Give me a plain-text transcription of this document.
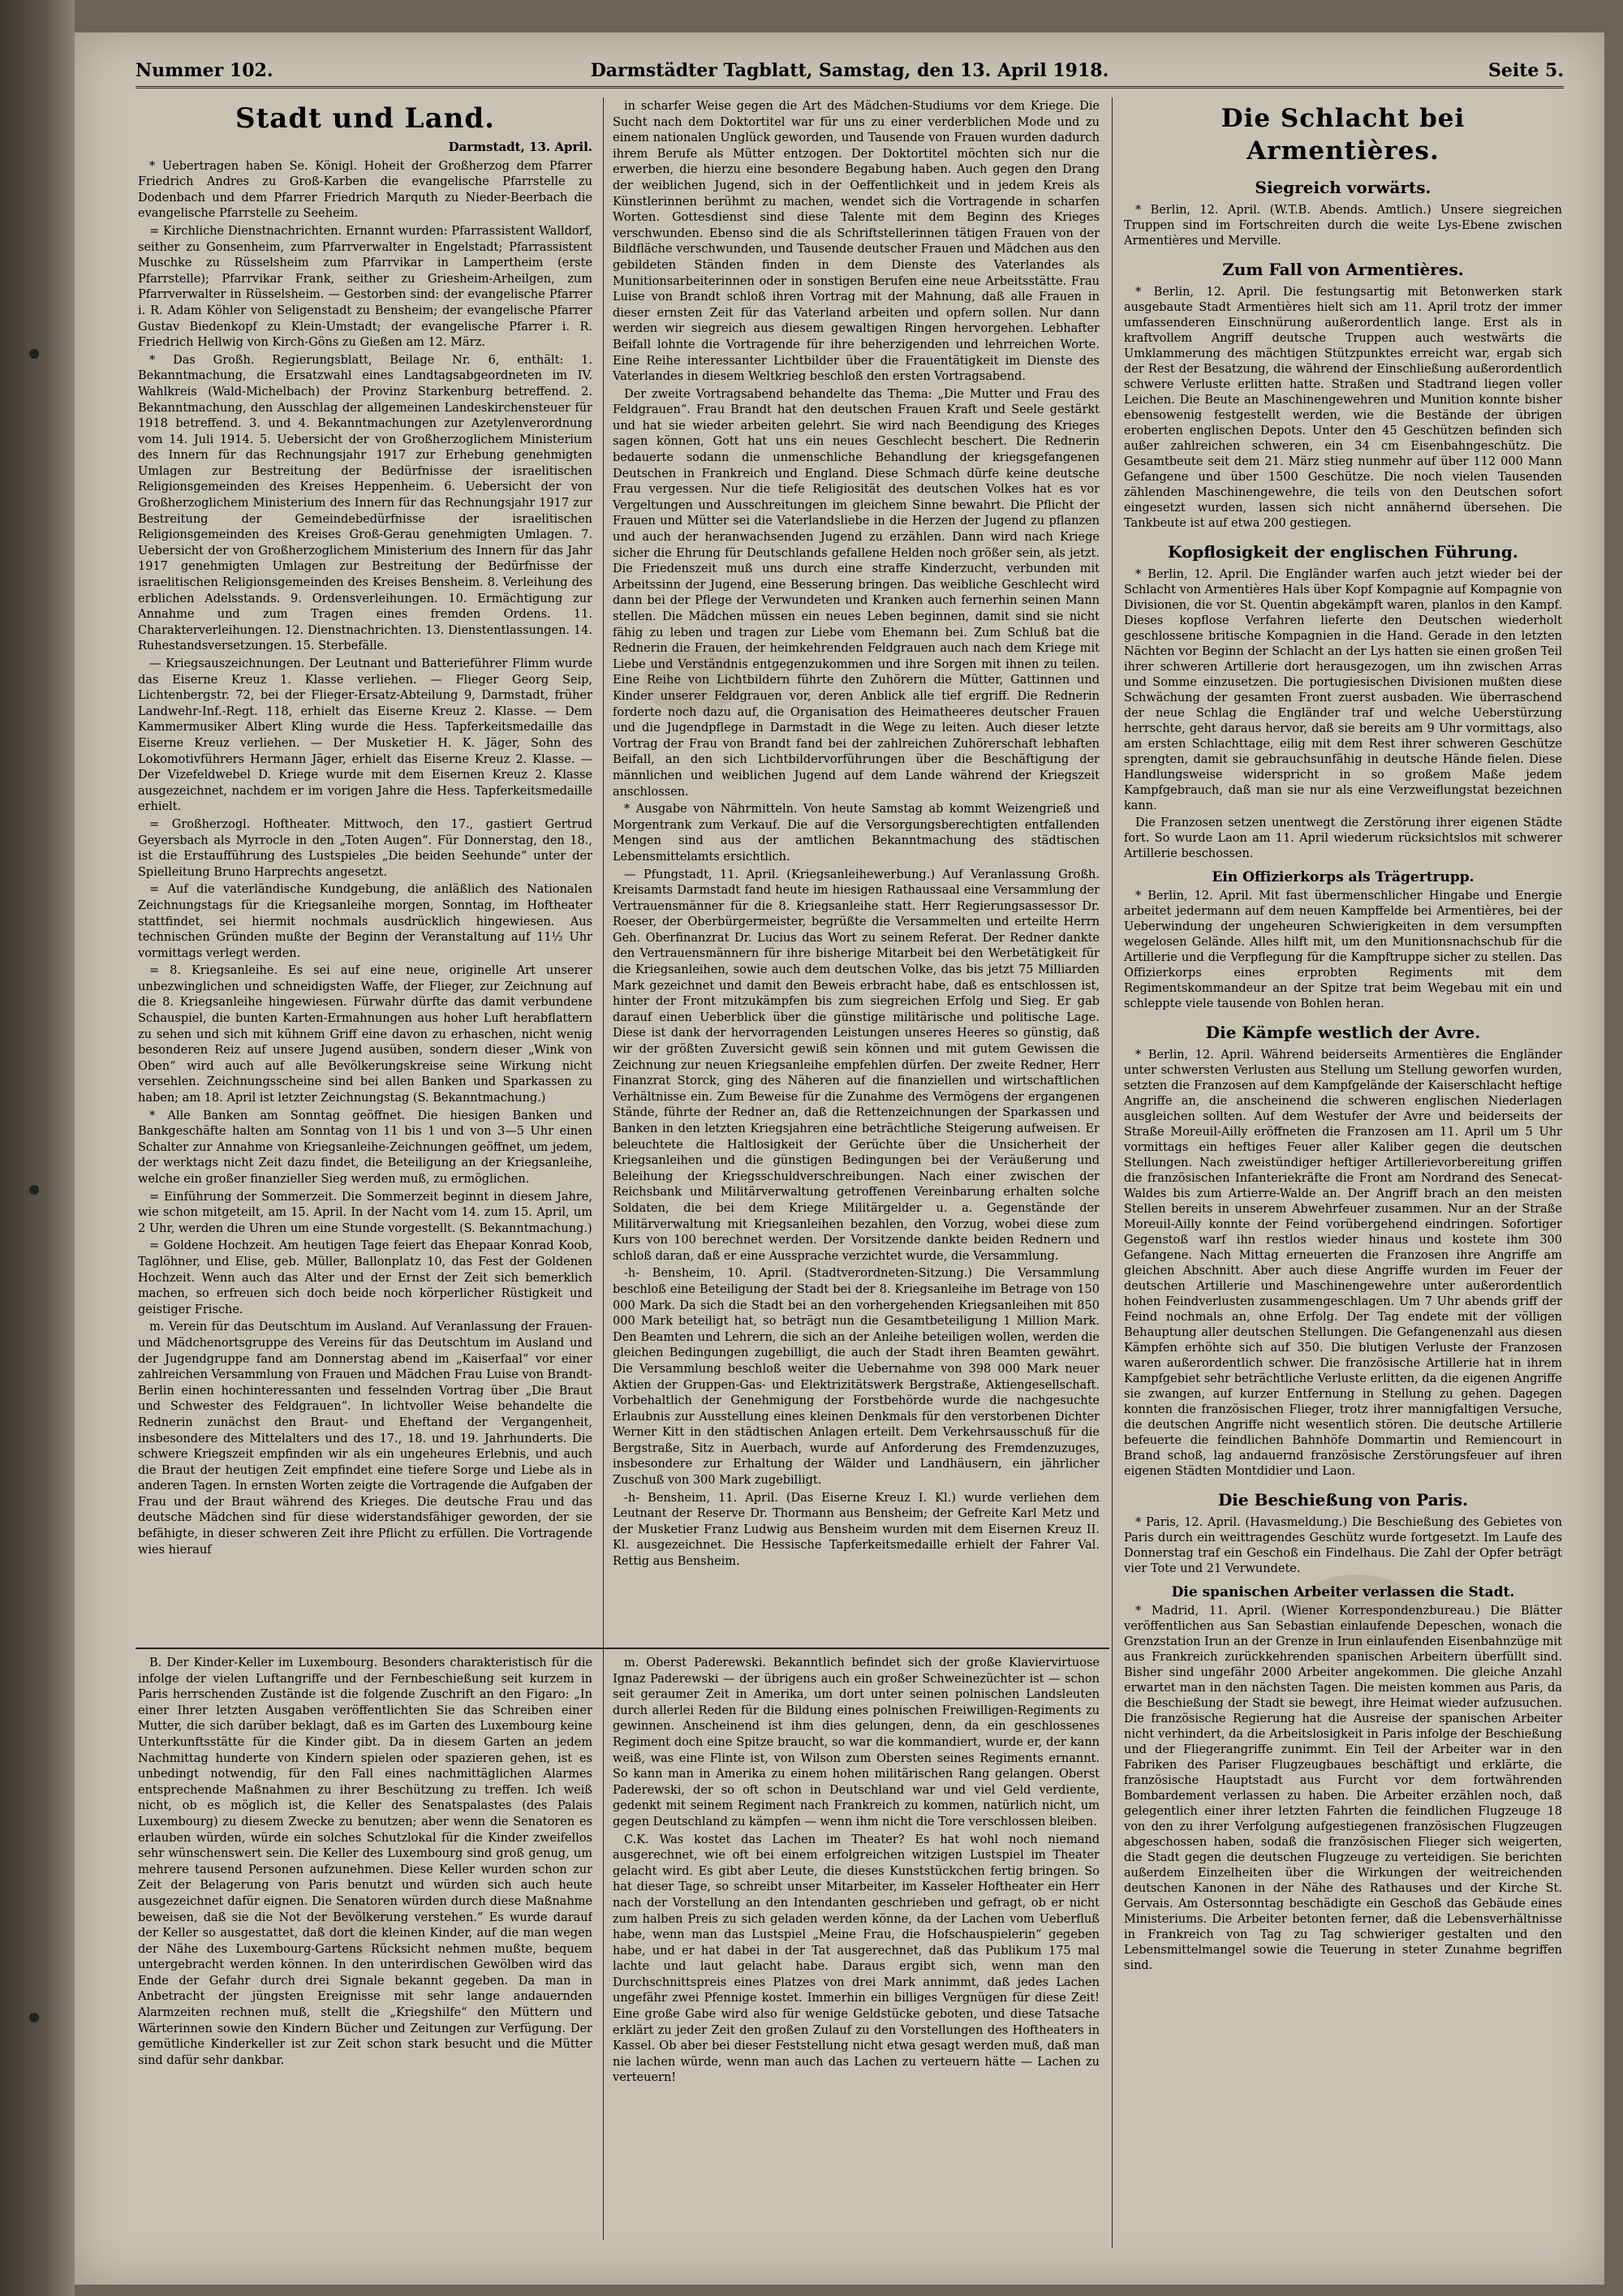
Nummer 102.	Darmstädter Tagblatt, Samstag, den 13. April 1918.	Seite 5.
Stadt und Land.
Darmstadt, 13. April.

* Uebertragen haben Se. Königl. Hoheit der Großherzog dem Pfarrer Friedrich Andres zu Groß-Karben die evangelische Pfarrstelle zu Dodenbach und dem Pfarrer Friedrich Marquth zu Nieder-Beerbach die evangelische Pfarrstelle zu Seeheim.

= Kirchliche Dienstnachrichten. Ernannt wurden: Pfarrassistent Walldorf, seither zu Gonsenheim, zum Pfarrverwalter in Engelstadt; Pfarrassistent Muschke zu Rüsselsheim zum Pfarrvikar in Lampertheim (erste Pfarrstelle); Pfarrvikar Frank, seither zu Griesheim-Arheilgen, zum Pfarrverwalter in Rüsselsheim. — Gestorben sind: der evangelische Pfarrer i. R. Adam Köhler von Seligenstadt zu Bensheim; der evangelische Pfarrer Gustav Biedenkopf zu Klein-Umstadt; der evangelische Pfarrer i. R. Friedrich Hellwig von Kirch-Göns zu Gießen am 12. März.

* Das Großh. Regierungsblatt, Beilage Nr. 6, enthält: 1. Bekanntmachung, die Ersatzwahl eines Landtagsabgeordneten im IV. Wahlkreis (Wald-Michelbach) der Provinz Starkenburg betreffend. 2. Bekanntmachung, den Ausschlag der allgemeinen Landeskirchensteuer für 1918 betreffend. 3. und 4. Bekanntmachungen zur Azetylenverordnung vom 14. Juli 1914. 5. Uebersicht der von Großherzoglichem Ministerium des Innern für das Rechnungsjahr 1917 zur Erhebung genehmigten Umlagen zur Bestreitung der Bedürfnisse der israelitischen Religionsgemeinden des Kreises Heppenheim. 6. Uebersicht der von Großherzoglichem Ministerium des Innern für das Rechnungsjahr 1917 zur Bestreitung der Gemeindebedürfnisse der israelitischen Religionsgemeinden des Kreises Groß-Gerau genehmigten Umlagen. 7. Uebersicht der von Großherzoglichem Ministerium des Innern für das Jahr 1917 genehmigten Umlagen zur Bestreitung der Bedürfnisse der israelitischen Religionsgemeinden des Kreises Bensheim. 8. Verleihung des erblichen Adelsstands. 9. Ordensverleihungen. 10. Ermächtigung zur Annahme und zum Tragen eines fremden Ordens. 11. Charakterverleihungen. 12. Dienstnachrichten. 13. Dienstentlassungen. 14. Ruhestandsversetzungen. 15. Sterbefälle.

— Kriegsauszeichnungen. Der Leutnant und Batterieführer Flimm wurde das Eiserne Kreuz 1. Klasse verliehen. — Flieger Georg Seip, Lichtenbergstr. 72, bei der Flieger-Ersatz-Abteilung 9, Darmstadt, früher Landwehr-Inf.-Regt. 118, erhielt das Eiserne Kreuz 2. Klasse. — Dem Kammermusiker Albert Kling wurde die Hess. Tapferkeitsmedaille das Eiserne Kreuz verliehen. — Der Musketier H. K. Jäger, Sohn des Lokomotivführers Hermann Jäger, erhielt das Eiserne Kreuz 2. Klasse. — Der Vizefeldwebel D. Kriege wurde mit dem Eisernen Kreuz 2. Klasse ausgezeichnet, nachdem er im vorigen Jahre die Hess. Tapferkeitsmedaille erhielt.

= Großherzogl. Hoftheater. Mittwoch, den 17., gastiert Gertrud Geyersbach als Myrrocle in den „Toten Augen“. Für Donnerstag, den 18., ist die Erstaufführung des Lustspieles „Die beiden Seehunde“ unter der Spielleitung Bruno Harprechts angesetzt.

= Auf die vaterländische Kundgebung, die anläßlich des Nationalen Zeichnungstags für die Kriegsanleihe morgen, Sonntag, im Hoftheater stattfindet, sei hiermit nochmals ausdrücklich hingewiesen. Aus technischen Gründen mußte der Beginn der Veranstaltung auf 11½ Uhr vormittags verlegt werden.

= 8. Kriegsanleihe. Es sei auf eine neue, originelle Art unserer unbezwinglichen und schneidigsten Waffe, der Flieger, zur Zeichnung auf die 8. Kriegsanleihe hingewiesen. Fürwahr dürfte das damit verbundene Schauspiel, die bunten Karten-Ermahnungen aus hoher Luft herabflattern zu sehen und sich mit kühnem Griff eine davon zu erhaschen, nicht wenig besonderen Reiz auf unsere Jugend ausüben, sondern dieser „Wink von Oben“ wird auch auf alle Bevölkerungskreise seine Wirkung nicht versehlen. Zeichnungsscheine sind bei allen Banken und Sparkassen zu haben; am 18. April ist letzter Zeichnungstag (S. Bekanntmachung.)

* Alle Banken am Sonntag geöffnet. Die hiesigen Banken und Bankgeschäfte halten am Sonntag von 11 bis 1 und von 3—5 Uhr einen Schalter zur Annahme von Kriegsanleihe-Zeichnungen geöffnet, um jedem, der werktags nicht Zeit dazu findet, die Beteiligung an der Kriegsanleihe, welche ein großer finanzieller Sieg werden muß, zu ermöglichen.

= Einführung der Sommerzeit. Die Sommerzeit beginnt in diesem Jahre, wie schon mitgeteilt, am 15. April. In der Nacht vom 14. zum 15. April, um 2 Uhr, werden die Uhren um eine Stunde vorgestellt. (S. Bekanntmachung.)

= Goldene Hochzeit. Am heutigen Tage feiert das Ehepaar Konrad Koob, Taglöhner, und Elise, geb. Müller, Ballonplatz 10, das Fest der Goldenen Hochzeit. Wenn auch das Alter und der Ernst der Zeit sich bemerklich machen, so erfreuen sich doch beide noch körperlicher Rüstigkeit und geistiger Frische.

m. Verein für das Deutschtum im Ausland. Auf Veranlassung der Frauen- und Mädchenortsgruppe des Vereins für das Deutschtum im Ausland und der Jugendgruppe fand am Donnerstag abend im „Kaiserfaal“ vor einer zahlreichen Versammlung von Frauen und Mädchen Frau Luise von Brandt-Berlin einen hochinteressanten und fesselnden Vortrag über „Die Braut und Schwester des Feldgrauen“. In lichtvoller Weise behandelte die Rednerin zunächst den Braut- und Eheftand der Vergangenheit, insbesondere des Mittelalters und des 17., 18. und 19. Jahrhunderts. Die schwere Kriegszeit empfinden wir als ein ungeheures Erlebnis, und auch die Braut der heutigen Zeit empfindet eine tiefere Sorge und Liebe als in anderen Tagen. In ernsten Worten zeigte die Vortragende die Aufgaben der Frau und der Braut während des Krieges. Die deutsche Frau und das deutsche Mädchen sind für diese widerstandsfähiger geworden, der sie befähigte, in dieser schweren Zeit ihre Pflicht zu erfüllen. Die Vortragende wies hierauf

in scharfer Weise gegen die Art des Mädchen-Studiums vor dem Kriege. Die Sucht nach dem Doktortitel war für uns zu einer verderblichen Mode und zu einem nationalen Unglück geworden, und Tausende von Frauen wurden dadurch ihrem Berufe als Mütter entzogen. Der Doktortitel möchten sich nur die erwerben, die hierzu eine besondere Begabung haben. Auch gegen den Drang der weiblichen Jugend, sich in der Oeffentlichkeit und in jedem Kreis als Künstlerinnen berühmt zu machen, wendet sich die Vortragende in scharfen Worten. Gottesdienst sind diese Talente mit dem Beginn des Krieges verschwunden. Ebenso sind die als Schriftstellerinnen tätigen Frauen von der Bildfläche verschwunden, und Tausende deutscher Frauen und Mädchen aus den gebildeten Ständen finden in dem Dienste des Vaterlandes als Munitionsarbeiterinnen oder in sonstigen Berufen eine neue Arbeitsstätte. Frau Luise von Brandt schloß ihren Vortrag mit der Mahnung, daß alle Frauen in dieser ernsten Zeit für das Vaterland arbeiten und opfern sollen. Nur dann werden wir siegreich aus diesem gewaltigen Ringen hervorgehen. Lebhafter Beifall lohnte die Vortragende für ihre beherzigenden und lehrreichen Worte. Eine Reihe interessanter Lichtbilder über die Frauentätigkeit im Dienste des Vaterlandes in diesem Weltkrieg beschloß den ersten Vortragsabend.

Der zweite Vortragsabend behandelte das Thema: „Die Mutter und Frau des Feldgrauen“. Frau Brandt hat den deutschen Frauen Kraft und Seele gestärkt und hat sie wieder arbeiten gelehrt. Sie wird nach Beendigung des Krieges sagen können, Gott hat uns ein neues Geschlecht beschert. Die Rednerin bedauerte sodann die unmenschliche Behandlung der kriegsgefangenen Deutschen in Frankreich und England. Diese Schmach dürfe keine deutsche Frau vergessen. Nur die tiefe Religiosität des deutschen Volkes hat es vor Vergeltungen und Ausschreitungen im gleichem Sinne bewahrt. Die Pflicht der Frauen und Mütter sei die Vaterlandsliebe in die Herzen der Jugend zu pflanzen und auch der heranwachsenden Jugend zu erzählen. Dann wird nach Kriege sicher die Ehrung für Deutschlands gefallene Helden noch größer sein, als jetzt. Die Friedenszeit muß uns durch eine straffe Kinderzucht, verbunden mit Arbeitssinn der Jugend, eine Besserung bringen. Das weibliche Geschlecht wird dann bei der Pflege der Verwundeten und Kranken auch fernerhin seinen Mann stellen. Die Mädchen müssen ein neues Leben beginnen, damit sind sie nicht fähig zu leben und tragen zur Liebe vom Ehemann bei. Zum Schluß bat die Rednerin die Frauen, der heimkehrenden Feldgrauen auch nach dem Kriege mit Liebe und Verständnis entgegenzukommen und ihre Sorgen mit ihnen zu teilen. Eine Reihe von Lichtbildern führte den Zuhörern die Mütter, Gattinnen und Kinder unserer Feldgrauen vor, deren Anblick alle tief ergriff. Die Rednerin forderte noch dazu auf, die Organisation des Heimatheeres deutscher Frauen und die Jugendpflege in Darmstadt in die Wege zu leiten. Auch dieser letzte Vortrag der Frau von Brandt fand bei der zahlreichen Zuhörerschaft lebhaften Beifall, an den sich Lichtbildervorführungen über die Beschäftigung der männlichen und weiblichen Jugend auf dem Lande während der Kriegszeit anschlossen.

* Ausgabe von Nährmitteln. Von heute Samstag ab kommt Weizengrieß und Morgentrank zum Verkauf. Die auf die Versorgungsberechtigten entfallenden Mengen sind aus der amtlichen Bekanntmachung des städtischen Lebensmittelamts ersichtlich.

— Pfungstadt, 11. April. (Kriegsanleihewerbung.) Auf Veranlassung Großh. Kreisamts Darmstadt fand heute im hiesigen Rathaussaal eine Versammlung der Vertrauensmänner für die 8. Kriegsanleihe statt. Herr Regierungsassessor Dr. Roeser, der Oberbürgermeister, begrüßte die Versammelten und erteilte Herrn Geh. Oberfinanzrat Dr. Lucius das Wort zu seinem Referat. Der Redner dankte den Vertrauensmännern für ihre bisherige Mitarbeit bei den Werbetätigkeit für die Kriegsanleihen, sowie auch dem deutschen Volke, das bis jetzt 75 Milliarden Mark gezeichnet und damit den Beweis erbracht habe, daß es entschlossen ist, hinter der Front mitzukämpfen bis zum siegreichen Erfolg und Sieg. Er gab darauf einen Ueberblick über die günstige militärische und politische Lage. Diese ist dank der hervorragenden Leistungen unseres Heeres so günstig, daß wir der größten Zuversicht gewiß sein können und mit gutem Gewissen die Zeichnung zur neuen Kriegsanleihe empfehlen dürfen. Der zweite Redner, Herr Finanzrat Storck, ging des Näheren auf die finanziellen und wirtschaftlichen Verhältnisse ein. Zum Beweise für die Zunahme des Vermögens der ergangenen Stände, führte der Redner an, daß die Rettenzeichnungen der Sparkassen und Banken in den letzten Kriegsjahren eine beträchtliche Steigerung aufweisen. Er beleuchtete die Haltlosigkeit der Gerüchte über die Unsicherheit der Kriegsanleihen und die günstigen Bedingungen bei der Veräußerung und Beleihung der Kriegsschuldverschreibungen. Nach einer zwischen der Reichsbank und Militärverwaltung getroffenen Vereinbarung erhalten solche Soldaten, die bei dem Kriege Militärgelder u. a. Gegenstände der Militärverwaltung mit Kriegsanleihen bezahlen, den Vorzug, wobei diese zum Kurs von 100 berechnet werden. Der Vorsitzende dankte beiden Rednern und schloß daran, daß er eine Aussprache verzichtet wurde, die Versammlung.

-h- Bensheim, 10. April. (Stadtverordneten-Sitzung.) Die Versammlung beschloß eine Beteiligung der Stadt bei der 8. Kriegsanleihe im Betrage von 150 000 Mark. Da sich die Stadt bei an den vorhergehenden Kriegsanleihen mit 850 000 Mark beteiligt hat, so beträgt nun die Gesamtbeteiligung 1 Million Mark. Den Beamten und Lehrern, die sich an der Anleihe beteiligen wollen, werden die gleichen Bedingungen zugebilligt, die auch der Stadt ihren Beamten gewährt. Die Versammlung beschloß weiter die Uebernahme von 398 000 Mark neuer Aktien der Gruppen-Gas- und Elektrizitätswerk Bergstraße, Aktiengesellschaft. Vorbehaltlich der Genehmigung der Forstbehörde wurde die nachgesuchte Erlaubnis zur Ausstellung eines kleinen Denkmals für den verstorbenen Dichter Werner Kitt in den städtischen Anlagen erteilt. Dem Verkehrsausschuß für die Bergstraße, Sitz in Auerbach, wurde auf Anforderung des Fremdenzuzuges, insbesondere zur Erhaltung der Wälder und Landhäusern, ein jährlicher Zuschuß von 300 Mark zugebilligt.

-h- Bensheim, 11. April. (Das Eiserne Kreuz I. Kl.) wurde verliehen dem Leutnant der Reserve Dr. Thormann aus Bensheim; der Gefreite Karl Metz und der Musketier Franz Ludwig aus Bensheim wurden mit dem Eisernen Kreuz II. Kl. ausgezeichnet. Die Hessische Tapferkeitsmedaille erhielt der Fahrer Val. Rettig aus Bensheim.

Die Schlacht bei Armentières.
Siegreich vorwärts.

* Berlin, 12. April. (W.T.B. Abends. Amtlich.) Unsere siegreichen Truppen sind im Fortschreiten durch die weite Lys-Ebene zwischen Armentières und Merville.

Zum Fall von Armentières.

* Berlin, 12. April. Die festungsartig mit Betonwerken stark ausgebaute Stadt Armentières hielt sich am 11. April trotz der immer umfassenderen Einschnürung außerordentlich lange. Erst als in kraftvollem Angriff deutsche Truppen auch westwärts die Umklammerung des mächtigen Stützpunktes erreicht war, ergab sich der Rest der Besatzung, die während der Einschließung außerordentlich schwere Verluste erlitten hatte. Straßen und Stadtrand liegen voller Leichen. Die Beute an Maschinengewehren und Munition konnte bisher ebensowenig festgestellt werden, wie die Bestände der übrigen eroberten englischen Depots. Unter den 45 Geschützen befinden sich außer zahlreichen schweren, ein 34 cm Eisenbahngeschütz. Die Gesamtbeute seit dem 21. März stieg nunmehr auf über 112 000 Mann Gefangene und über 1500 Geschütze. Die noch vielen Tausenden zählenden Maschinengewehre, die teils von den Deutschen sofort eingesetzt wurden, lassen sich nicht annähernd übersehen. Die Tankbeute ist auf etwa 200 gestiegen.

Kopflosigkeit der englischen Führung.

* Berlin, 12. April. Die Engländer warfen auch jetzt wieder bei der Schlacht von Armentières Hals über Kopf Kompagnie auf Kompagnie von Divisionen, die vor St. Quentin abgekämpft waren, planlos in den Kampf. Dieses kopflose Verfahren lieferte den Deutschen wiederholt geschlossene britische Kompagnien in die Hand. Gerade in den letzten Nächten vor Beginn der Schlacht an der Lys hatten sie einen großen Teil ihrer schweren Artillerie dort herausgezogen, um ihn zwischen Arras und Somme einzusetzen. Die portugiesischen Divisionen mußten diese Schwächung der gesamten Front zuerst ausbaden. Wie überraschend der neue Schlag die Engländer traf und welche Ueberstürzung herrschte, geht daraus hervor, daß sie bereits am 9 Uhr vormittags, also am ersten Schlachttage, eilig mit dem Rest ihrer schweren Geschütze sprengten, damit sie gebrauchsunfähig in deutsche Hände fielen. Diese Handlungsweise widerspricht in so großem Maße jedem Kampfgebrauch, daß man sie nur als eine Verzweiflungstat bezeichnen kann.

Die Franzosen setzen unentwegt die Zerstörung ihrer eigenen Städte fort. So wurde Laon am 11. April wiederum rücksichtslos mit schwerer Artillerie beschossen.

Ein Offizierkorps als Trägertrupp.

* Berlin, 12. April. Mit fast übermenschlicher Hingabe und Energie arbeitet jedermann auf dem neuen Kampffelde bei Armentières, bei der Ueberwindung der ungeheuren Schwierigkeiten in dem versumpften wegelosen Gelände. Alles hilft mit, um den Munitionsnachschub für die Artillerie und die Verpflegung für die Kampftruppe sicher zu stellen. Das Offizierkorps eines erprobten Regiments mit dem Regimentskommandeur an der Spitze trat beim Wegebau mit ein und schleppte viele tausende von Bohlen heran.

Die Kämpfe westlich der Avre.

* Berlin, 12. April. Während beiderseits Armentières die Engländer unter schwersten Verlusten aus Stellung um Stellung geworfen wurden, setzten die Franzosen auf dem Kampfgelände der Kaiserschlacht heftige Angriffe an, die anscheinend die schweren englischen Niederlagen ausgleichen sollten. Auf dem Westufer der Avre und beiderseits der Straße Moreuil-Ailly eröffneten die Franzosen am 11. April um 5 Uhr vormittags ein heftiges Feuer aller Kaliber gegen die deutschen Stellungen. Nach zweistündiger heftiger Artillerievorbereitung griffen die französischen Infanteriekräfte die Front am Nordrand des Senecat-Waldes bis zum Artierre-Walde an. Der Angriff brach an den meisten Stellen bereits in unserem Abwehrfeuer zusammen. Nur an der Straße Moreuil-Ailly konnte der Feind vorübergehend eindringen. Sofortiger Gegenstoß warf ihn restlos wieder hinaus und kostete ihm 300 Gefangene. Nach Mittag erneuerten die Franzosen ihre Angriffe am gleichen Abschnitt. Aber auch diese Angriffe wurden im Feuer der deutschen Artillerie und Maschinengewehre unter außerordentlich hohen Feindverlusten zusammengeschlagen. Um 7 Uhr abends griff der Feind nochmals an, ohne Erfolg. Der Tag endete mit der völligen Behauptung aller deutschen Stellungen. Die Gefangenenzahl aus diesen Kämpfen erhöhte sich auf 350. Die blutigen Verluste der Franzosen waren außerordentlich schwer. Die französische Artillerie hat in ihrem Kampfgebiet sehr beträchtliche Verluste erlitten, da die eigenen Angriffe sie zwangen, auf kurzer Entfernung in Stellung zu gehen. Dagegen konnten die französischen Flieger, trotz ihrer mannigfaltigen Versuche, die deutschen Angriffe nicht wesentlich stören. Die deutsche Artillerie befeuerte die feindlichen Bahnhöfe Dommartin und Remiencourt in Brand schoß, lag andauernd französische Zerstörungsfeuer auf ihren eigenen Städten Montdidier und Laon.

Die Beschießung von Paris.

* Paris, 12. April. (Havasmeldung.) Die Beschießung des Gebietes von Paris durch ein weittragendes Geschütz wurde fortgesetzt. Im Laufe des Donnerstag traf ein Geschoß ein Findelhaus. Die Zahl der Opfer beträgt vier Tote und 21 Verwundete.

Die spanischen Arbeiter verlassen die Stadt.

* Madrid, 11. April. (Wiener Korrespondenzbureau.) Die Blätter veröffentlichen aus San Sebastian einlaufende Depeschen, wonach die Grenzstation Irun an der Grenze in Irun einlaufenden Eisenbahnzüge mit aus Frankreich zurückkehrenden spanischen Arbeitern überfüllt sind. Bisher sind ungefähr 2000 Arbeiter angekommen. Die gleiche Anzahl erwartet man in den nächsten Tagen. Die meisten kommen aus Paris, da die Beschießung der Stadt sie bewegt, ihre Heimat wieder aufzusuchen. Die französische Regierung hat die Ausreise der spanischen Arbeiter nicht verhindert, da die Arbeitslosigkeit in Paris infolge der Beschießung und der Fliegerangriffe zunimmt. Ein Teil der Arbeiter war in den Fabriken des Pariser Flugzeugbaues beschäftigt und erklärte, die französische Hauptstadt aus Furcht vor dem fortwährenden Bombardement verlassen zu haben. Die Arbeiter erzählen noch, daß gelegentlich einer ihrer letzten Fahrten die feindlichen Flugzeuge 18 von den zu ihrer Verfolgung aufgestiegenen französischen Flugzeugen abgeschossen haben, sodaß die französischen Flieger sich weigerten, die Stadt gegen die deutschen Flugzeuge zu verteidigen. Sie berichten außerdem Einzelheiten über die Wirkungen der weitreichenden deutschen Kanonen in der Nähe des Rathauses und der Kirche St. Gervais. Am Ostersonntag beschädigte ein Geschoß das Gebäude eines Ministeriums. Die Arbeiter betonten ferner, daß die Lebensverhältnisse in Frankreich von Tag zu Tag schwieriger gestalten und den Lebensmittelmangel sowie die Teuerung in steter Zunahme begriffen sind.

B. Der Kinder-Keller im Luxembourg. Besonders charakteristisch für die infolge der vielen Luftangriffe und der Fernbeschießung seit kurzem in Paris herrschenden Zustände ist die folgende Zuschrift an den Figaro: „In einer Ihrer letzten Ausgaben veröffentlichten Sie das Schreiben einer Mutter, die sich darüber beklagt, daß es im Garten des Luxembourg keine Unterkunftsstätte für die Kinder gibt. Da in diesem Garten an jedem Nachmittag hunderte von Kindern spielen oder spazieren gehen, ist es unbedingt notwendig, für den Fall eines nachmittäglichen Alarmes entsprechende Maßnahmen zu ihrer Beschützung zu treffen. Ich weiß nicht, ob es möglich ist, die Keller des Senatspalastes (des Palais Luxembourg) zu diesem Zwecke zu benutzen; aber wenn die Senatoren es erlauben würden, würde ein solches Schutzlokal für die Kinder zweifellos sehr wünschenswert sein. Die Keller des Luxembourg sind groß genug, um mehrere tausend Personen aufzunehmen. Diese Keller wurden schon zur Zeit der Belagerung von Paris benutzt und würden sich auch heute ausgezeichnet dafür eignen. Die Senatoren würden durch diese Maßnahme beweisen, daß sie die Not der Bevölkerung verstehen.“ Es wurde darauf der Keller so ausgestattet, daß dort die kleinen Kinder, auf die man wegen der Nähe des Luxembourg-Gartens Rücksicht nehmen mußte, bequem untergebracht werden können. In den unterirdischen Gewölben wird das Ende der Gefahr durch drei Signale bekannt gegeben. Da man in Anbetracht der jüngsten Ereignisse mit sehr lange andauernden Alarmzeiten rechnen muß, stellt die „Kriegshilfe“ den Müttern und Wärterinnen sowie den Kindern Bücher und Zeitungen zur Verfügung. Der gemütliche Kinderkeller ist zur Zeit schon stark besucht und die Mütter sind dafür sehr dankbar.

m. Oberst Paderewski. Bekanntlich befindet sich der große Klaviervirtuose Ignaz Paderewski — der übrigens auch ein großer Schweinezüchter ist — schon seit geraumer Zeit in Amerika, um dort unter seinen polnischen Landsleuten durch allerlei Reden für die Bildung eines polnischen Freiwilligen-Regiments zu gewinnen. Anscheinend ist ihm dies gelungen, denn, da ein geschlossenes Regiment doch eine Spitze braucht, so war die kommandiert, wurde er, der kann weiß, was eine Flinte ist, von Wilson zum Obersten seines Regiments ernannt. So kann man in Amerika zu einem hohen militärischen Rang gelangen. Oberst Paderewski, der so oft schon in Deutschland war und viel Geld verdiente, gedenkt mit seinem Regiment nach Frankreich zu kommen, natürlich nicht, um gegen Deutschland zu kämpfen — wenn ihm nicht die Tore verschlossen bleiben.

C.K. Was kostet das Lachen im Theater? Es hat wohl noch niemand ausgerechnet, wie oft bei einem erfolgreichen witzigen Lustspiel im Theater gelacht wird. Es gibt aber Leute, die dieses Kunststückchen fertig bringen. So hat dieser Tage, so schreibt unser Mitarbeiter, im Kasseler Hoftheater ein Herr nach der Vorstellung an den Intendanten geschrieben und gefragt, ob er nicht zum halben Preis zu sich geladen werden könne, da der Lachen vom Ueberfluß habe, wenn man das Lustspiel „Meine Frau, die Hofschauspielerin“ gegeben habe, und er hat dabei in der Tat ausgerechnet, daß das Publikum 175 mal lachte und laut gelacht habe. Daraus ergibt sich, wenn man den Durchschnittspreis eines Platzes von drei Mark annimmt, daß jedes Lachen ungefähr zwei Pfennige kostet. Immerhin ein billiges Vergnügen für diese Zeit! Eine große Gabe wird also für wenige Geldstücke geboten, und diese Tatsache erklärt zu jeder Zeit den großen Zulauf zu den Vorstellungen des Hoftheaters in Kassel. Ob aber bei dieser Feststellung nicht etwa gesagt werden muß, daß man nie lachen würde, wenn man auch das Lachen zu verteuern hätte — Lachen zu verteuern!
